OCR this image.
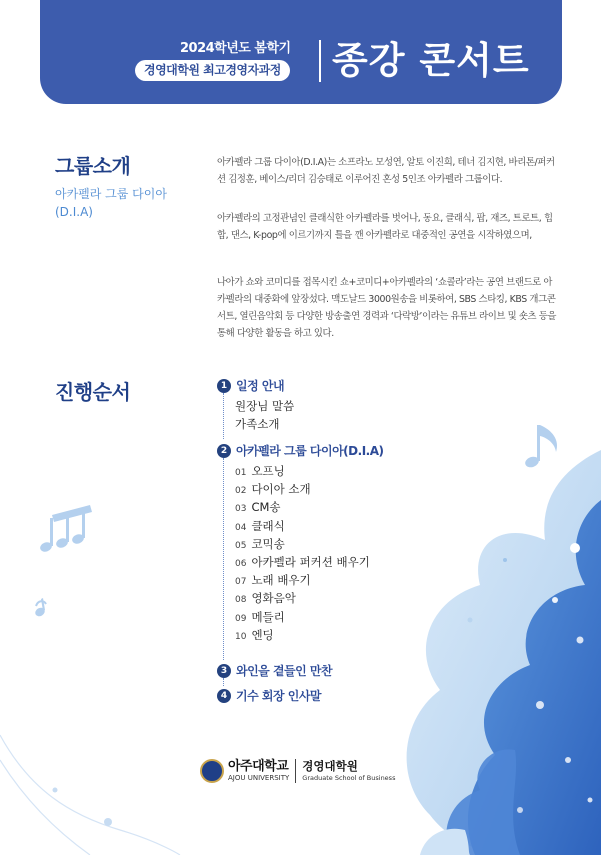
2024학년도 봄학기
경영대학원 최고경영자과정 종강 콘서트
그룹소개
아카펠라 그룹 다이아 (D.I.A)

아카펠라 그룹 다이아(D.I.A)는 소프라노 모성연, 알토 이진희, 테너 김지현, 바리톤/퍼커션 김정훈, 베이스/리더 김승태로 이루어진 혼성 5인조 아카펠라 그룹이다.

아카펠라의 고정관념인 클래식한 아카펠라를 벗어나, 동요, 클래식, 팝, 재즈, 트로트, 힙합, 댄스, K-pop에 이르기까지 틀을 깬 아카펠라로 대중적인 공연을 시작하였으며,

나아가 쇼와 코미디를 접목시킨 쇼+코미디+아카펠라의 ‘쇼콜라’라는 공연 브랜드로 아카펠라의 대중화에 앞장섰다. 맥도날드 3000원송을 비롯하여, SBS 스타킹, KBS 개그콘서트, 열린음악회 등 다양한 방송출연 경력과 ‘다락방’이라는 유튜브 라이브 및 숏츠 등을 통해 다양한 활동을 하고 있다.

진행순서	1 일정 안내
원장님 말씀
가족소개
2 아카펠라 그룹 다이아(D.I.A)
01 오프닝
02 다이아 소개
03 CM송
04 클래식
05 코믹송
06 아카펠라 퍼커션 배우기
07 노래 배우기
08 영화음악
09 메들리
10 엔딩
3 와인을 곁들인 만찬
4 기수 회장 인사말
아주대학교
AJOU UNIVERSITY
경영대학원
Graduate School of Business
